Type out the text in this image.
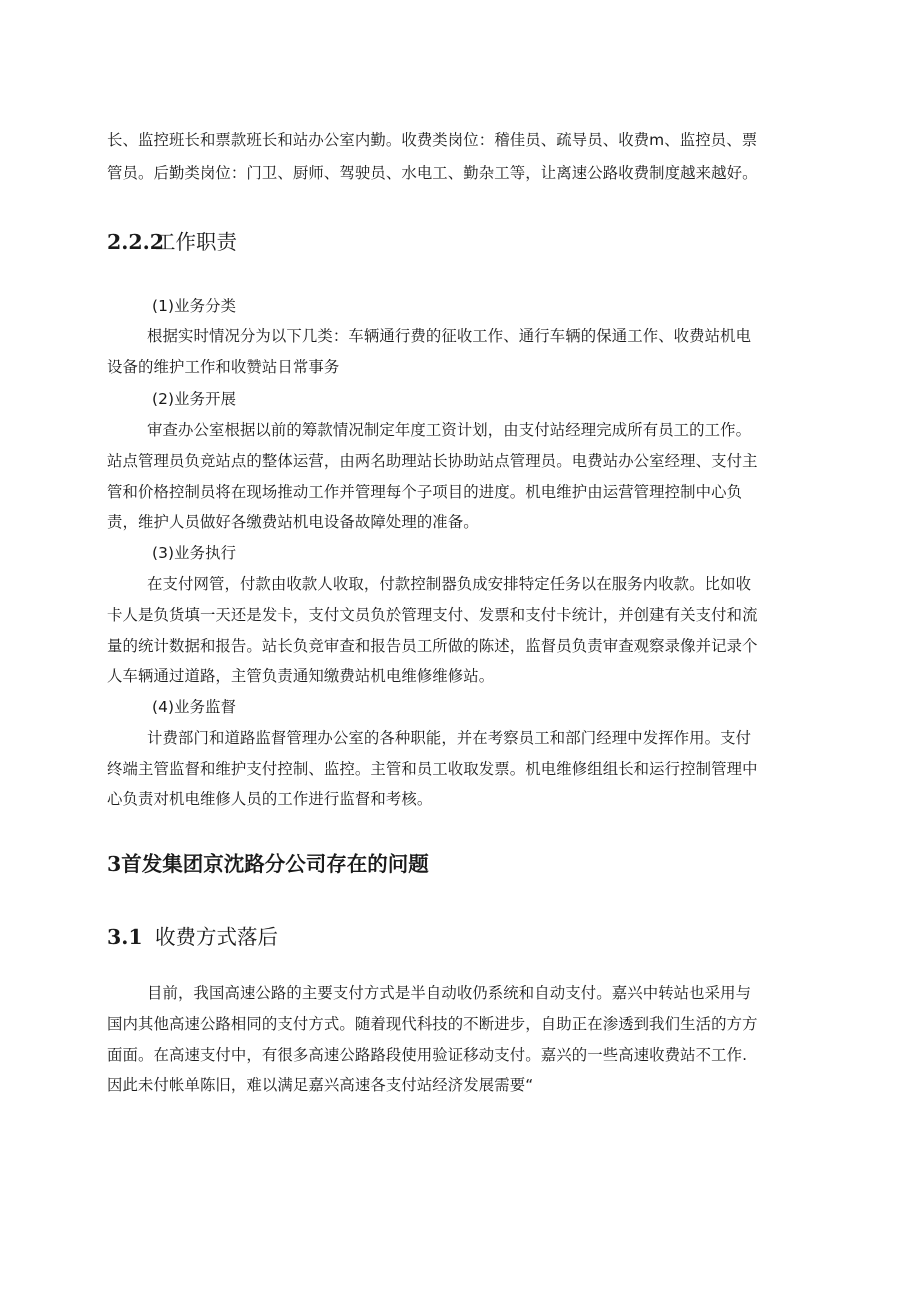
长、监控班长和票款班长和站办公室内勤。收费类岗位：稽佳员、疏导员、收费m、监控员、票
管员。后勤类岗位：门卫、厨师、驾驶员、水电工、勤杂工等，让离速公路收费制度越来越好。
2.2.2工作职责
(1)业务分类
根据实时情况分为以下几类：车辆通行费的征收工作、通行车辆的保通工作、收费站机电
设备的维护工作和收赞站日常事务
(2)业务开展
审查办公室根据以前的筹款情况制定年度工资计划，由支付站经理完成所有员工的工作。
站点管理员负竞站点的整体运营，由两名助理站长协助站点管理员。电费站办公室经理、支付主
管和价格控制员将在现场推动工作并管理每个子项目的进度。机电维护由运营管理控制中心负
责，维护人员做好各缴费站机电设备故障处理的准备。
(3)业务执行
在支付网管，付款由收款人收取，付款控制器负成安排特定任务以在服务内收款。比如收
卡人是负货填一天还是发卡，支付文员负於管理支付、发票和支付卡统计，并创建有关支付和流
量的统计数据和报告。站长负竞审查和报告员工所做的陈述，监督员负责审查观察录像并记录个
人车辆通过道路，主管负责通知缴费站机电维修维修站。
(4)业务监督
计费部门和道路监督管理办公室的各种职能，并在考察员工和部门经理中发挥作用。支付
终端主管监督和维护支付控制、监控。主管和员工收取发票。机电维修组组长和运行控制管理中
心负责对机电维修人员的工作进行监督和考核。
3首发集团京沈路分公司存在的问题
3.1 收费方式落后
目前，我国高速公路的主要支付方式是半自动收仍系统和自动支付。嘉兴中转站也采用与
国内其他高速公路相同的支付方式。随着现代科技的不断进步，自助正在渗透到我们生活的方方
面面。在高速支付中，有很多高速公路路段使用验证移动支付。嘉兴的一些高速收费站不工作.
因此未付帐单陈旧，难以满足嘉兴高速各支付站经济发展需要“
